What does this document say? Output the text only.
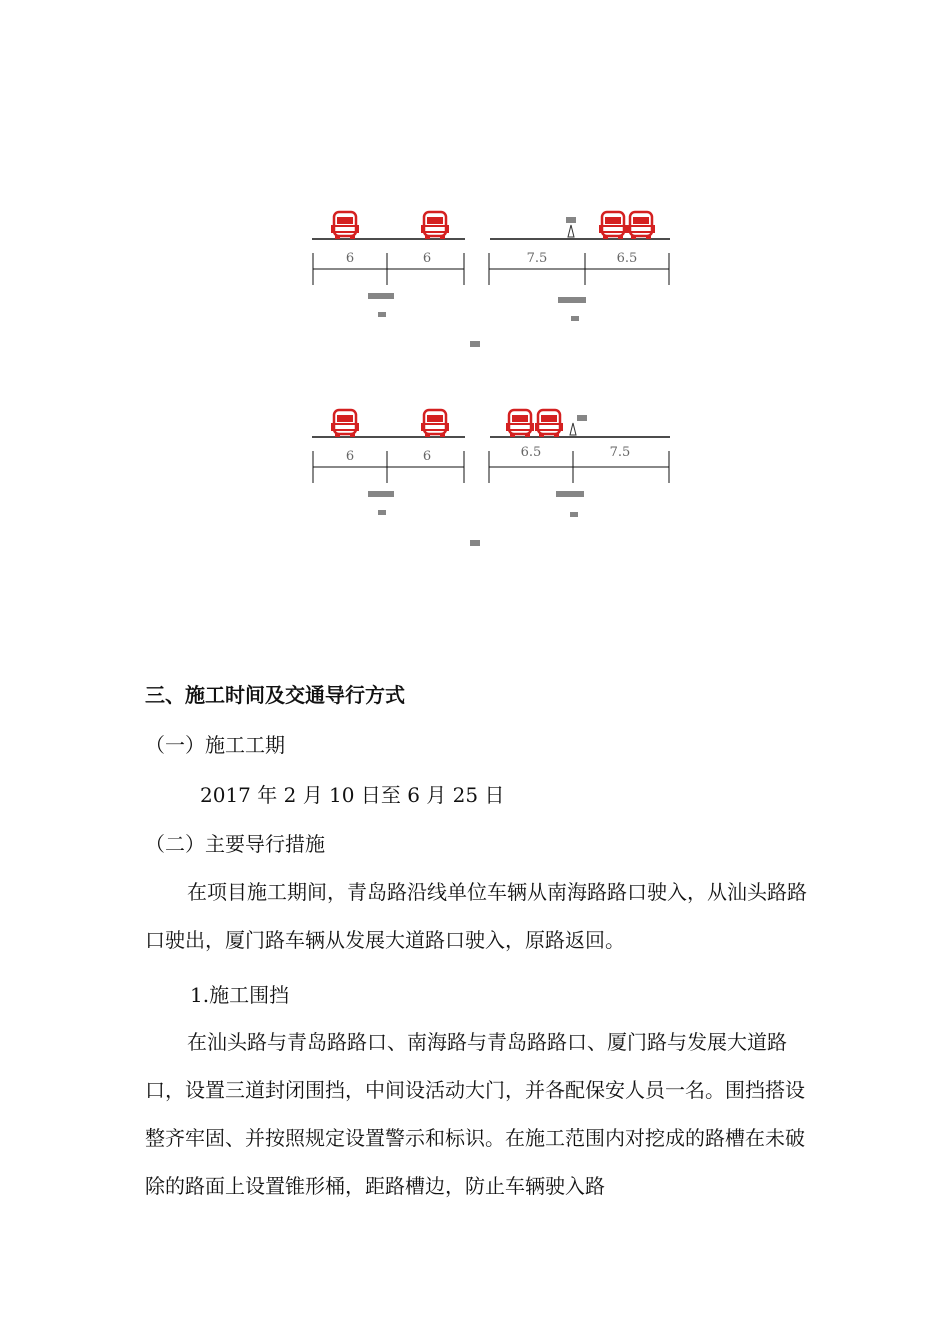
6	6	7.5	6.5
6	6	6.5	7.5
三、施工时间及交通导行方式
（一）施工工期
2017 年 2 月 10 日至 6 月 25 日
（二）主要导行措施
在项目施工期间，青岛路沿线单位车辆从南海路路口驶入，从汕头路路口驶出，厦门路车辆从发展大道路口驶入，原路返回。
1.施工围挡
在汕头路与青岛路路口、南海路与青岛路路口、厦门路与发展大道路口，设置三道封闭围挡，中间设活动大门，并各配保安人员一名。围挡搭设整齐牢固、并按照规定设置警示和标识。在施工范围内对挖成的路槽在未破除的路面上设置锥形桶，距路槽边，防止车辆驶入路
